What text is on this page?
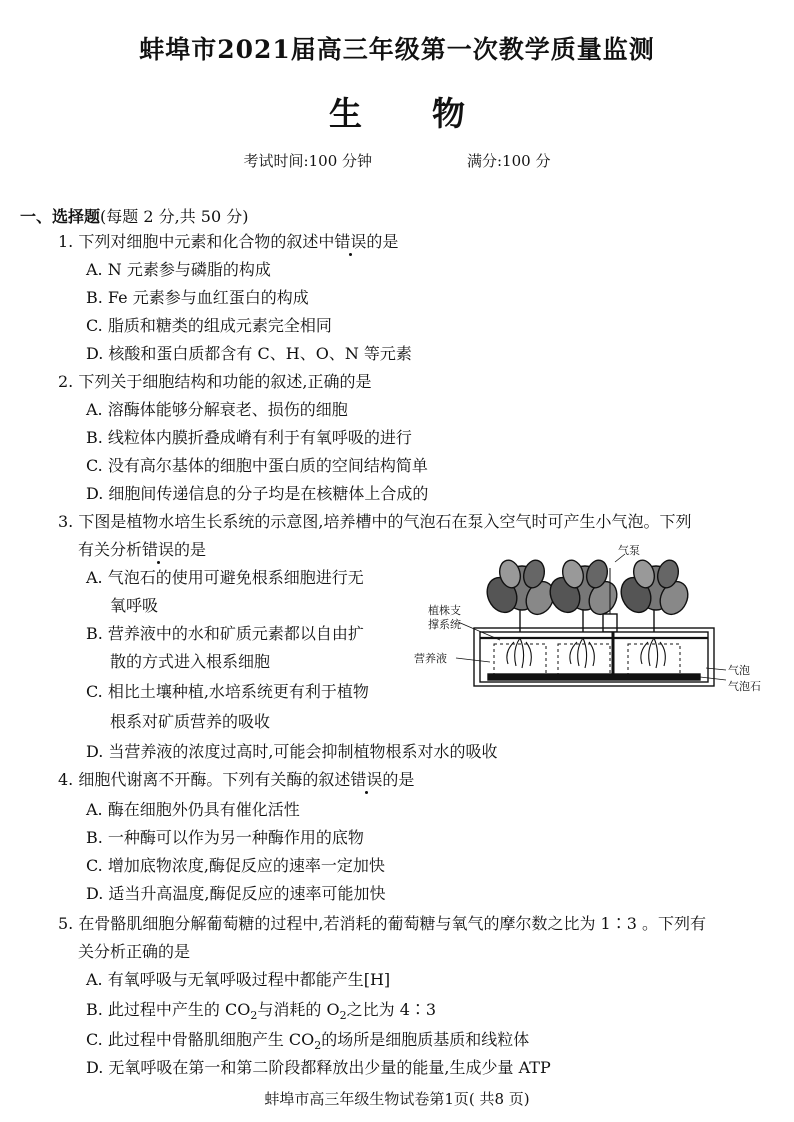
蚌埠市2021届高三年级第一次教学质量监测
生物
考试时间:100 分钟	满分:100 分
一、选择题(每题 2 分,共 50 分)
1. 下列对细胞中元素和化合物的叙述中错误的是
A. N 元素参与磷脂的构成
B. Fe 元素参与血红蛋白的构成
C. 脂质和糖类的组成元素完全相同
D. 核酸和蛋白质都含有 C、H、O、N 等元素
2. 下列关于细胞结构和功能的叙述,正确的是
A. 溶酶体能够分解衰老、损伤的细胞
B. 线粒体内膜折叠成嵴有利于有氧呼吸的进行
C. 没有高尔基体的细胞中蛋白质的空间结构简单
D. 细胞间传递信息的分子均是在核糖体上合成的
3. 下图是植物水培生长系统的示意图,培养槽中的气泡石在泵入空气时可产生小气泡。下列
有关分析错误的是
A. 气泡石的使用可避免根系细胞进行无
氧呼吸
B. 营养液中的水和矿质元素都以自由扩
散的方式进入根系细胞
C. 相比土壤种植,水培系统更有利于植物
根系对矿质营养的吸收
D. 当营养液的浓度过高时,可能会抑制植物根系对水的吸收
气泵
植株支
撑系统
营养液
气泡
气泡石
4. 细胞代谢离不开酶。下列有关酶的叙述错误的是
A. 酶在细胞外仍具有催化活性
B. 一种酶可以作为另一种酶作用的底物
C. 增加底物浓度,酶促反应的速率一定加快
D. 适当升高温度,酶促反应的速率可能加快
5. 在骨骼肌细胞分解葡萄糖的过程中,若消耗的葡萄糖与氧气的摩尔数之比为 1∶3 。下列有
关分析正确的是
A. 有氧呼吸与无氧呼吸过程中都能产生[H]
B. 此过程中产生的 $CO_2$与消耗的 $O_2$之比为 4∶3
C. 此过程中骨骼肌细胞产生 $CO_2$的场所是细胞质基质和线粒体
D. 无氧呼吸在第一和第二阶段都释放出少量的能量,生成少量 ATP
蚌埠市高三年级生物试卷第1页( 共8 页)
